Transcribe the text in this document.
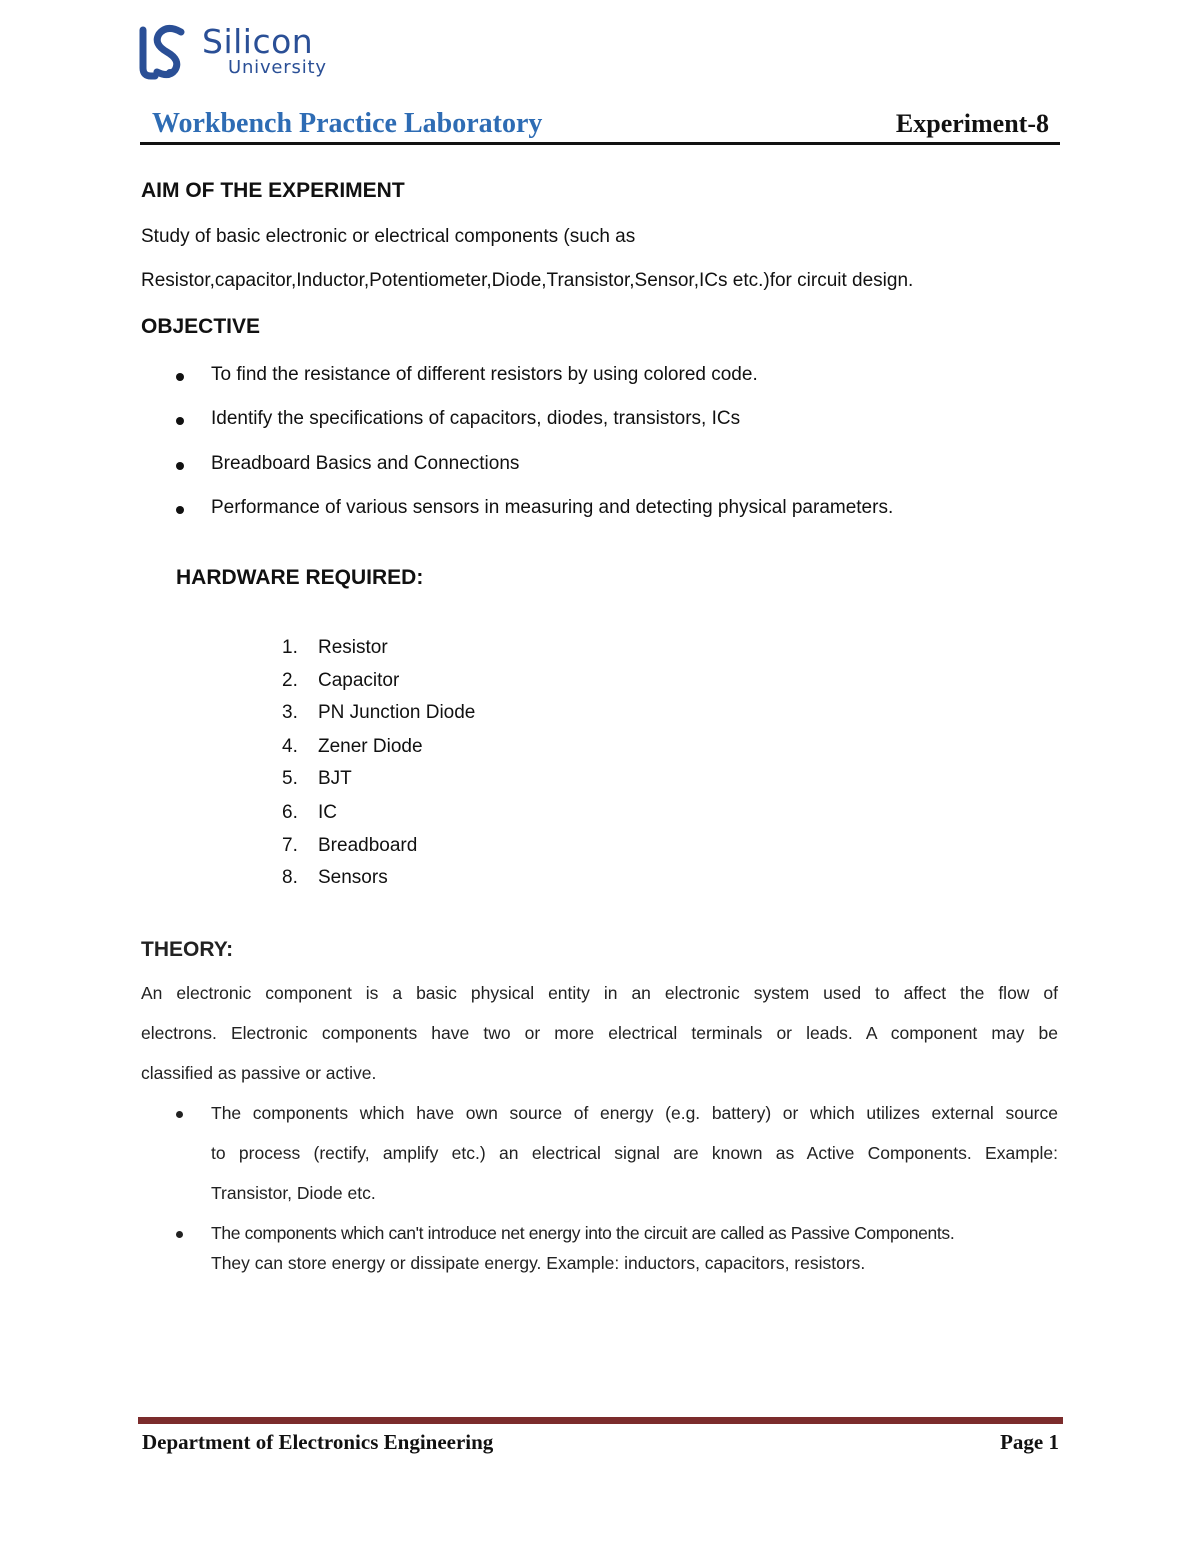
Silicon
University
Workbench Practice Laboratory	Experiment-8
AIM OF THE EXPERIMENT
Study of basic electronic or electrical components (such as
Resistor,capacitor,Inductor,Potentiometer,Diode,Transistor,Sensor,ICs etc.)for circuit design.
OBJECTIVE
To find the resistance of different resistors by using colored code.
Identify the specifications of capacitors, diodes, transistors, ICs
Breadboard Basics and Connections
Performance of various sensors in measuring and detecting physical parameters.
HARDWARE REQUIRED:
1.	Resistor
2.	Capacitor
3.	PN Junction Diode
4.	Zener Diode
5.	BJT
6.	IC
7.	Breadboard
8.	Sensors
THEORY:
An electronic component is a basic physical entity in an electronic system used to affect the flow of
electrons. Electronic components have two or more electrical terminals or leads. A component may be
classified as passive or active.
The components which have own source of energy (e.g. battery) or which utilizes external source
to process (rectify, amplify etc.) an electrical signal are known as Active Components. Example:
Transistor, Diode etc.
The components which can't introduce net energy into the circuit are called as Passive Components.
They can store energy or dissipate energy. Example: inductors, capacitors, resistors.
Department of Electronics Engineering	Page 1
